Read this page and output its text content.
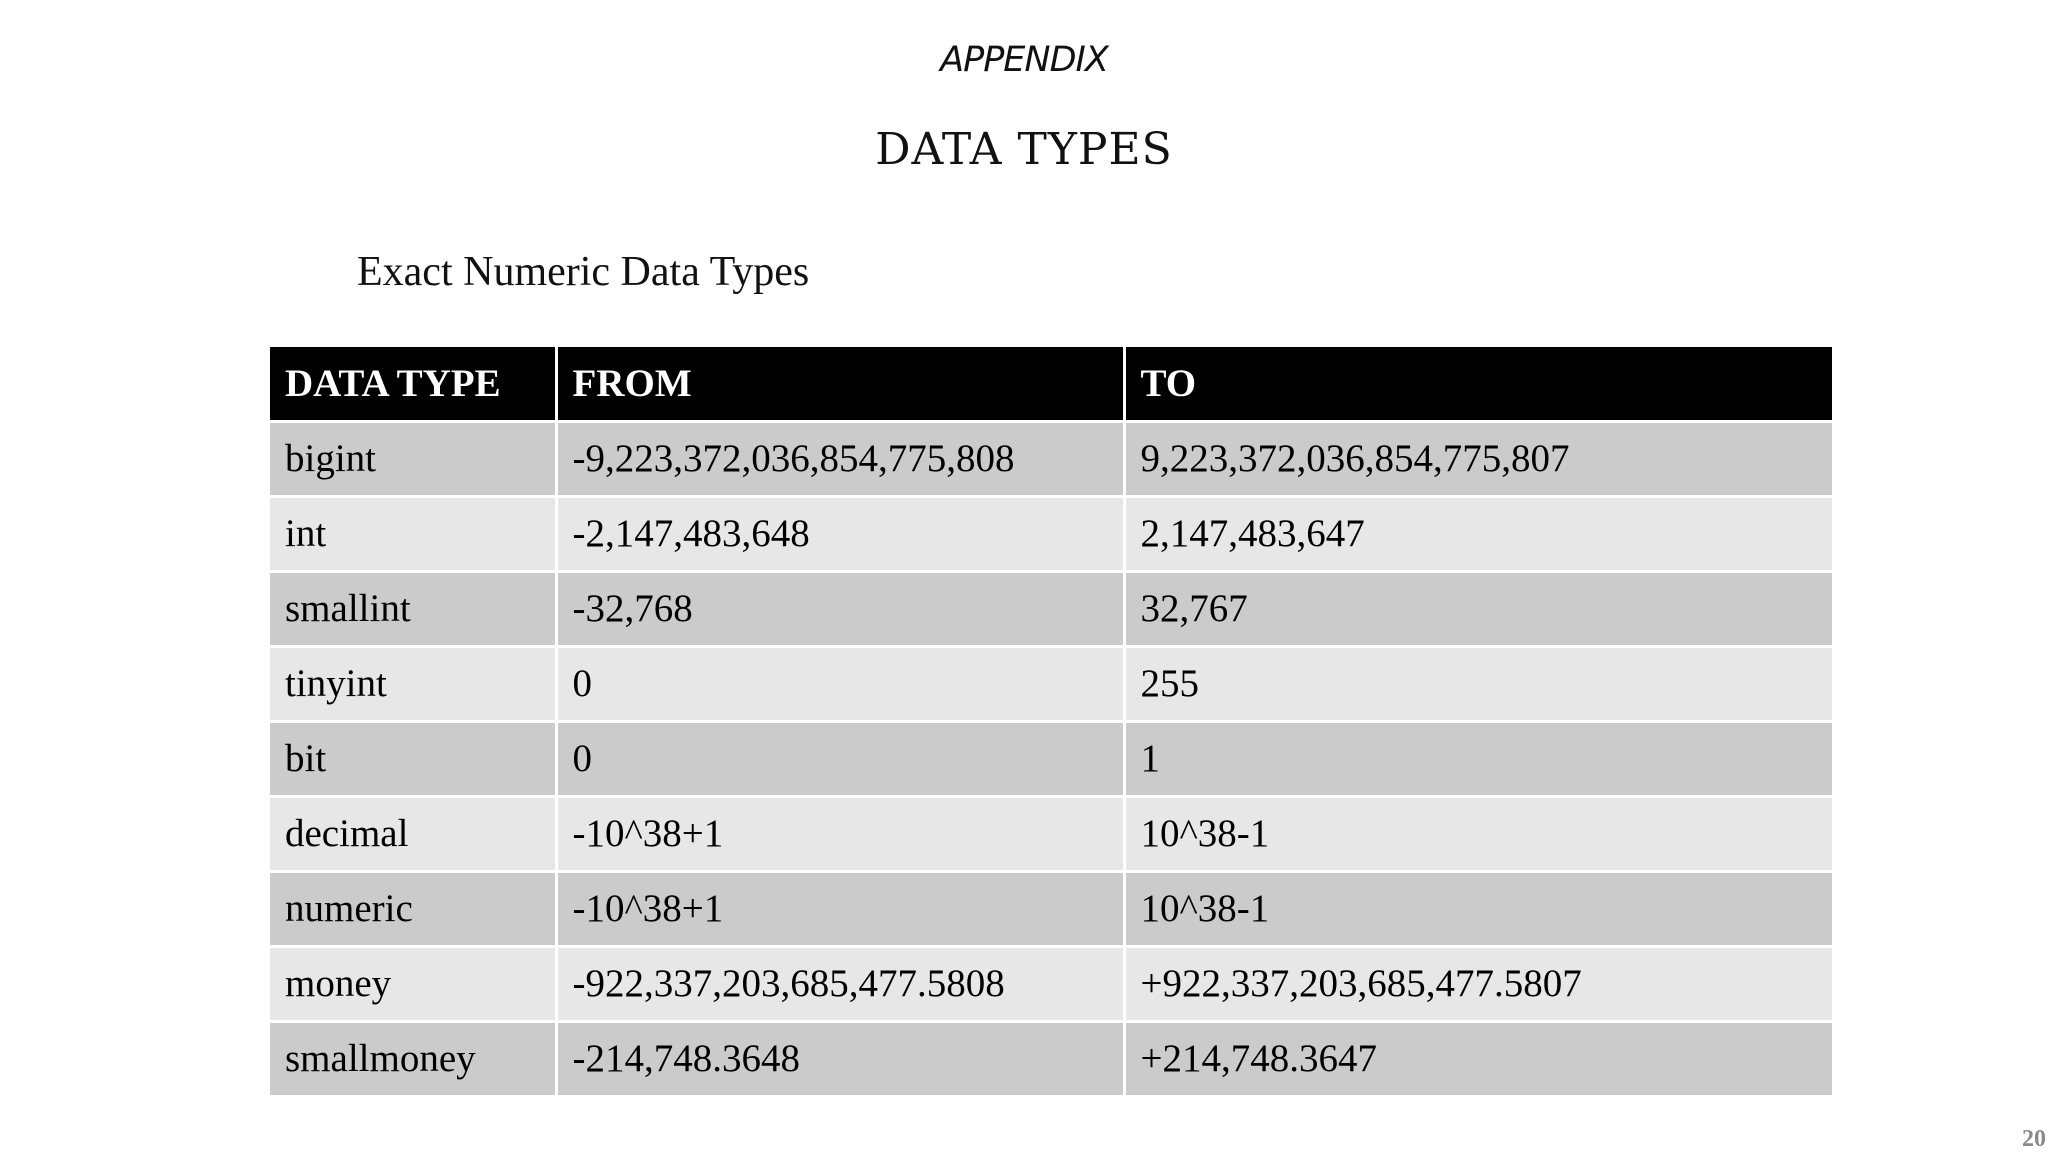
APPENDIX
DATA TYPES
Exact Numeric Data Types
DATA TYPE	FROM	TO
bigint	-9,223,372,036,854,775,808	9,223,372,036,854,775,807
int	-2,147,483,648	2,147,483,647
smallint	-32,768	32,767
tinyint	0	255
bit	0	1
decimal	-10^38+1	10^38-1
numeric	-10^38+1	10^38-1
money	-922,337,203,685,477.5808	+922,337,203,685,477.5807
smallmoney	-214,748.3648	+214,748.3647
20
